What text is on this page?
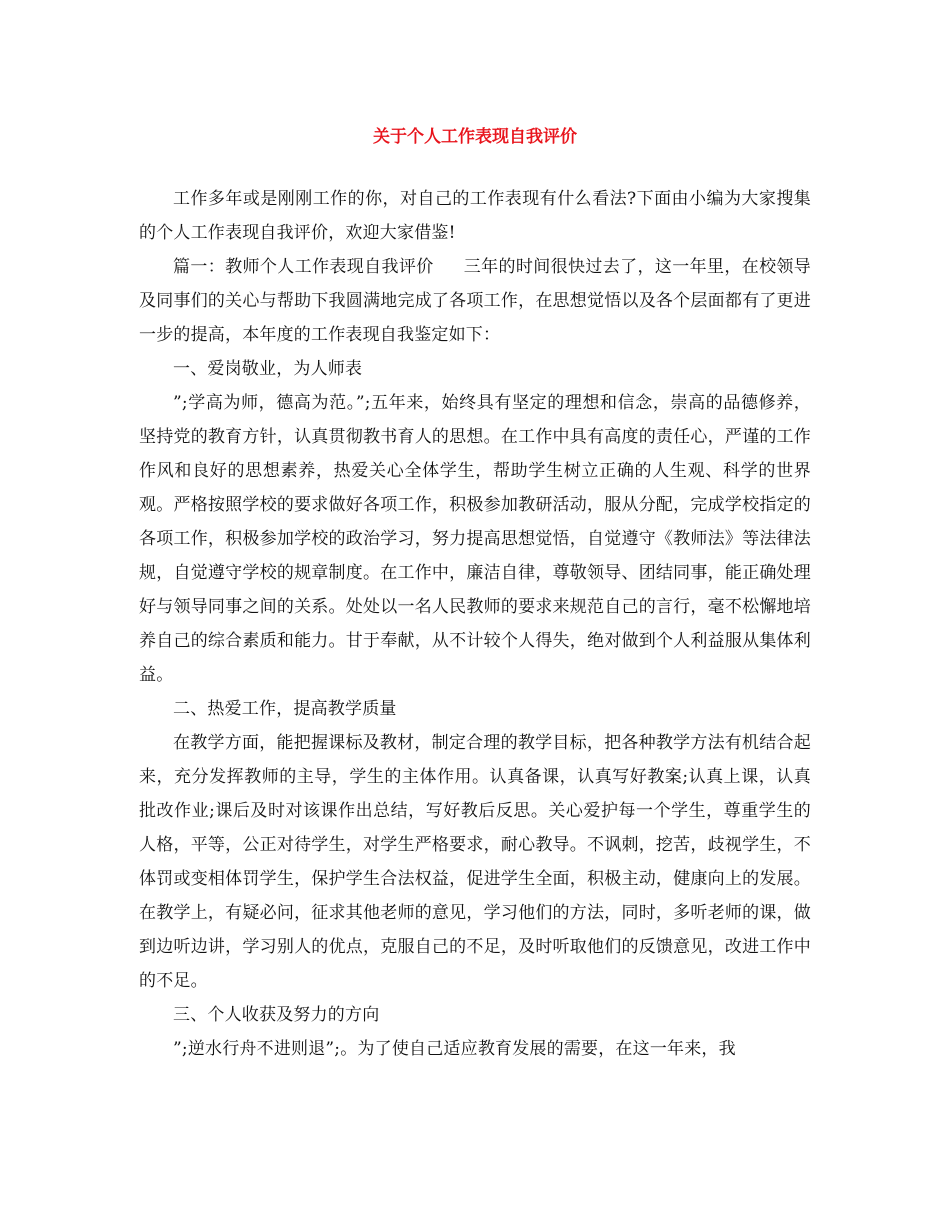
关于个人工作表现自我评价

工作多年或是刚刚工作的你，对自己的工作表现有什么看法?下面由小编为大家搜集的个人工作表现自我评价，欢迎大家借鉴!

篇一：教师个人工作表现自我评价 三年的时间很快过去了，这一年里，在校领导及同事们的关心与帮助下我圆满地完成了各项工作，在思想觉悟以及各个层面都有了更进一步的提高，本年度的工作表现自我鉴定如下：

一、爱岗敬业，为人师表

”;学高为师，德高为范。”;五年来，始终具有坚定的理想和信念，崇高的品德修养，坚持党的教育方针，认真贯彻教书育人的思想。在工作中具有高度的责任心，严谨的工作作风和良好的思想素养，热爱关心全体学生，帮助学生树立正确的人生观、科学的世界观。严格按照学校的要求做好各项工作，积极参加教研活动，服从分配，完成学校指定的各项工作，积极参加学校的政治学习，努力提高思想觉悟，自觉遵守《教师法》等法律法规，自觉遵守学校的规章制度。在工作中，廉洁自律，尊敬领导、团结同事，能正确处理好与领导同事之间的关系。处处以一名人民教师的要求来规范自己的言行，毫不松懈地培养自己的综合素质和能力。甘于奉献，从不计较个人得失，绝对做到个人利益服从集体利益。

二、热爱工作，提高教学质量

在教学方面，能把握课标及教材，制定合理的教学目标，把各种教学方法有机结合起来，充分发挥教师的主导，学生的主体作用。认真备课，认真写好教案;认真上课，认真批改作业;课后及时对该课作出总结，写好教后反思。关心爱护每一个学生，尊重学生的人格，平等，公正对待学生，对学生严格要求，耐心教导。不讽刺，挖苦，歧视学生，不体罚或变相体罚学生，保护学生合法权益，促进学生全面，积极主动，健康向上的发展。在教学上，有疑必问，征求其他老师的意见，学习他们的方法，同时，多听老师的课，做到边听边讲，学习别人的优点，克服自己的不足，及时听取他们的反馈意见，改进工作中的不足。

三、个人收获及努力的方向

”;逆水行舟不进则退”;。为了使自己适应教育发展的需要，在这一年来，我
